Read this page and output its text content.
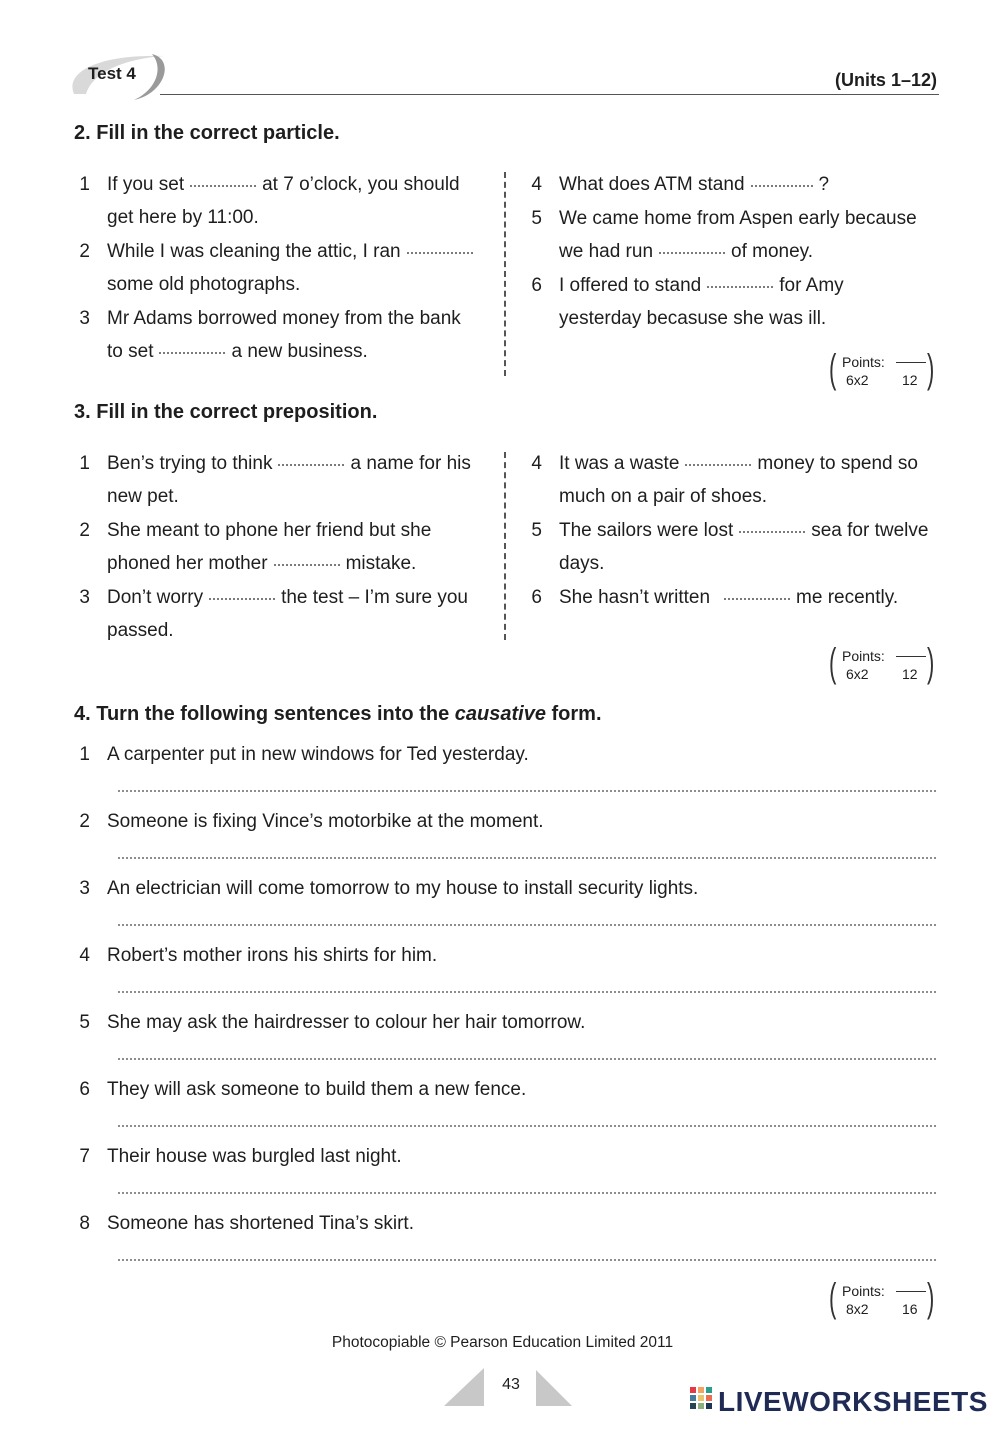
Test 4	(Units 1–12)
2. Fill in the correct particle.
1 If you set	at 7 o’clock, you should
get here by 11:00.
2 While I was cleaning the attic, I ran
some old photographs.
3 Mr Adams borrowed money from the bank
to set	a new business.
4 What does ATM stand	?
5 We came home from Aspen early because
we had run	of money.
6 I offered to stand	for Amy
yesterday becasuse she was ill.
( Points:
6x2 12 )
3. Fill in the correct preposition.
1 Ben’s trying to think	a name for his
new pet.
2 She meant to phone her friend but she
phoned her mother	mistake.
3 Don’t worry	the test – I’m sure you
passed.
4 It was a waste	money to spend so
much on a pair of shoes.
5 The sailors were lost	sea for twelve
days.
6 She hasn’t written	me recently.
( Points:
6x2 12 )
4. Turn the following sentences into the causative form.
1 A carpenter put in new windows for Ted yesterday.
2 Someone is fixing Vince’s motorbike at the moment.
3 An electrician will come tomorrow to my house to install security lights.
4 Robert’s mother irons his shirts for him.
5 She may ask the hairdresser to colour her hair tomorrow.
6 They will ask someone to build them a new fence.
7 Their house was burgled last night.
8 Someone has shortened Tina’s skirt.
( Points:
8x2 16 )
Photocopiable © Pearson Education Limited 2011
43
LIVEWORKSHEETS
